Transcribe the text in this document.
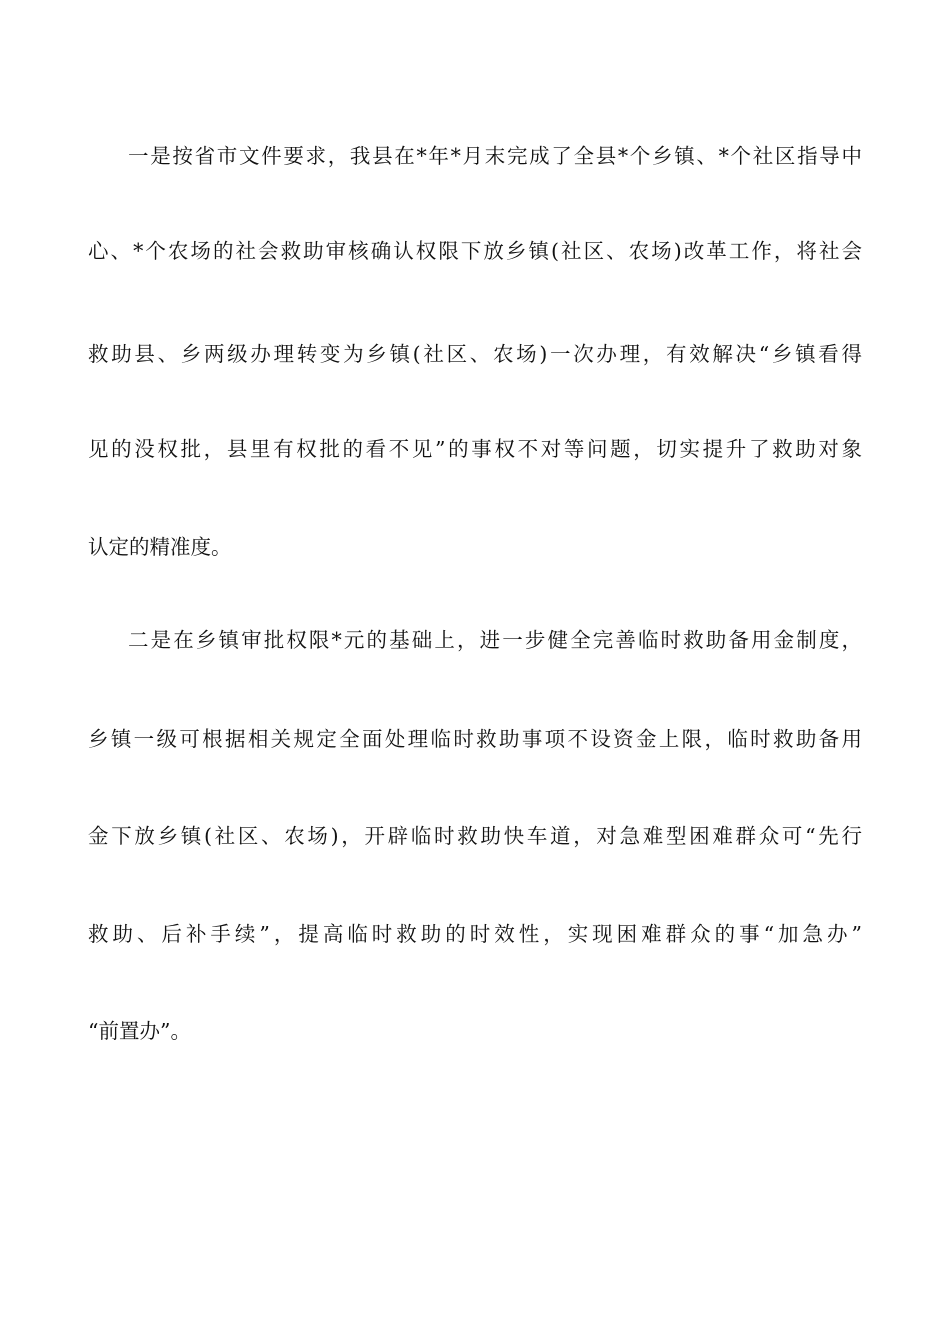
一是按省市文件要求，我县在*年*月末完成了全县*个乡镇、*个社区指导中

心、*个农场的社会救助审核确认权限下放乡镇(社区、农场)改革工作，将社会

救助县、乡两级办理转变为乡镇(社区、农场)一次办理，有效解决“乡镇看得

见的没权批，县里有权批的看不见”的事权不对等问题，切实提升了救助对象

认定的精准度。

二是在乡镇审批权限*元的基础上，进一步健全完善临时救助备用金制度，

乡镇一级可根据相关规定全面处理临时救助事项不设资金上限，临时救助备用

金下放乡镇(社区、农场)，开辟临时救助快车道，对急难型困难群众可“先行

救助、后补手续”，提高临时救助的时效性，实现困难群众的事“加急办”

“前置办”。
